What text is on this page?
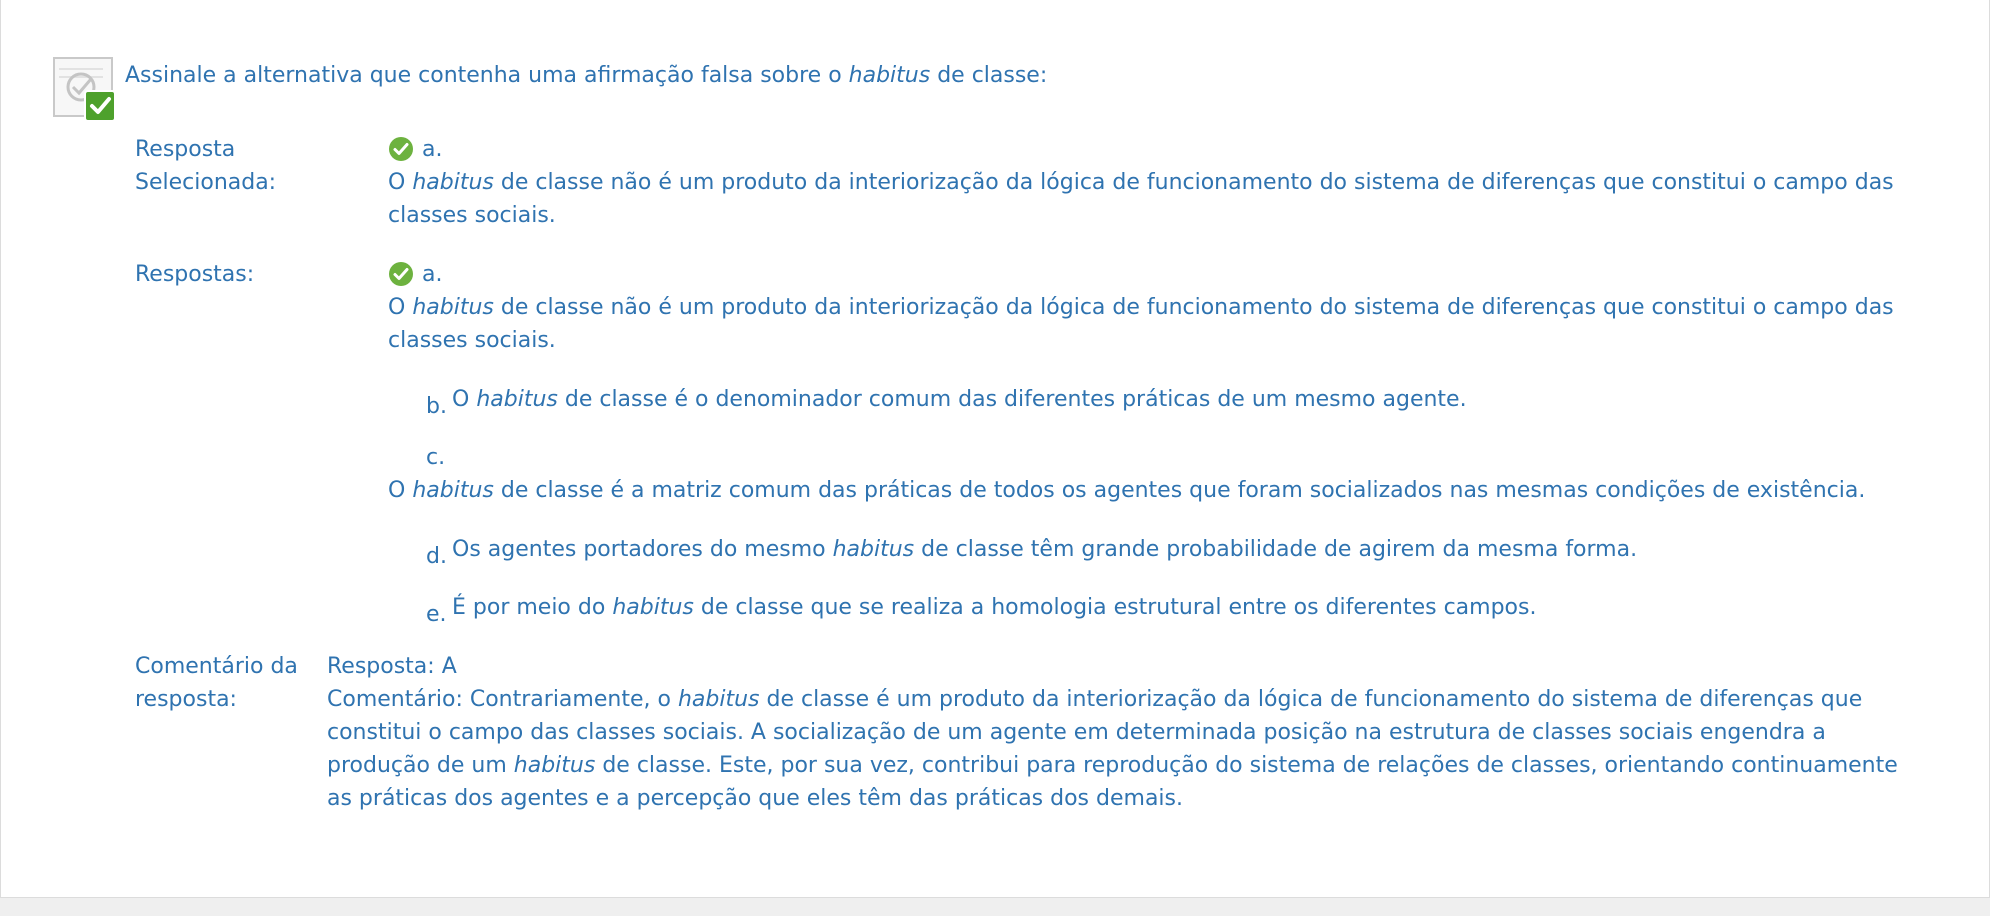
Assinale a alternativa que contenha uma afirmação falsa sobre o habitus de classe:
Resposta
Selecionada:
a.
O habitus de classe não é um produto da interiorização da lógica de funcionamento do sistema de diferenças que constitui o campo das
classes sociais.
Respostas:	a.
O habitus de classe não é um produto da interiorização da lógica de funcionamento do sistema de diferenças que constitui o campo das
classes sociais.
b. O habitus de classe é o denominador comum das diferentes práticas de um mesmo agente.
c.
O habitus de classe é a matriz comum das práticas de todos os agentes que foram socializados nas mesmas condições de existência.
d. Os agentes portadores do mesmo habitus de classe têm grande probabilidade de agirem da mesma forma.
e. É por meio do habitus de classe que se realiza a homologia estrutural entre os diferentes campos.
Comentário da
resposta:
Resposta: A
Comentário: Contrariamente, o habitus de classe é um produto da interiorização da lógica de funcionamento do sistema de diferenças que
constitui o campo das classes sociais. A socialização de um agente em determinada posição na estrutura de classes sociais engendra a
produção de um habitus de classe. Este, por sua vez, contribui para reprodução do sistema de relações de classes, orientando continuamente
as práticas dos agentes e a percepção que eles têm das práticas dos demais.
